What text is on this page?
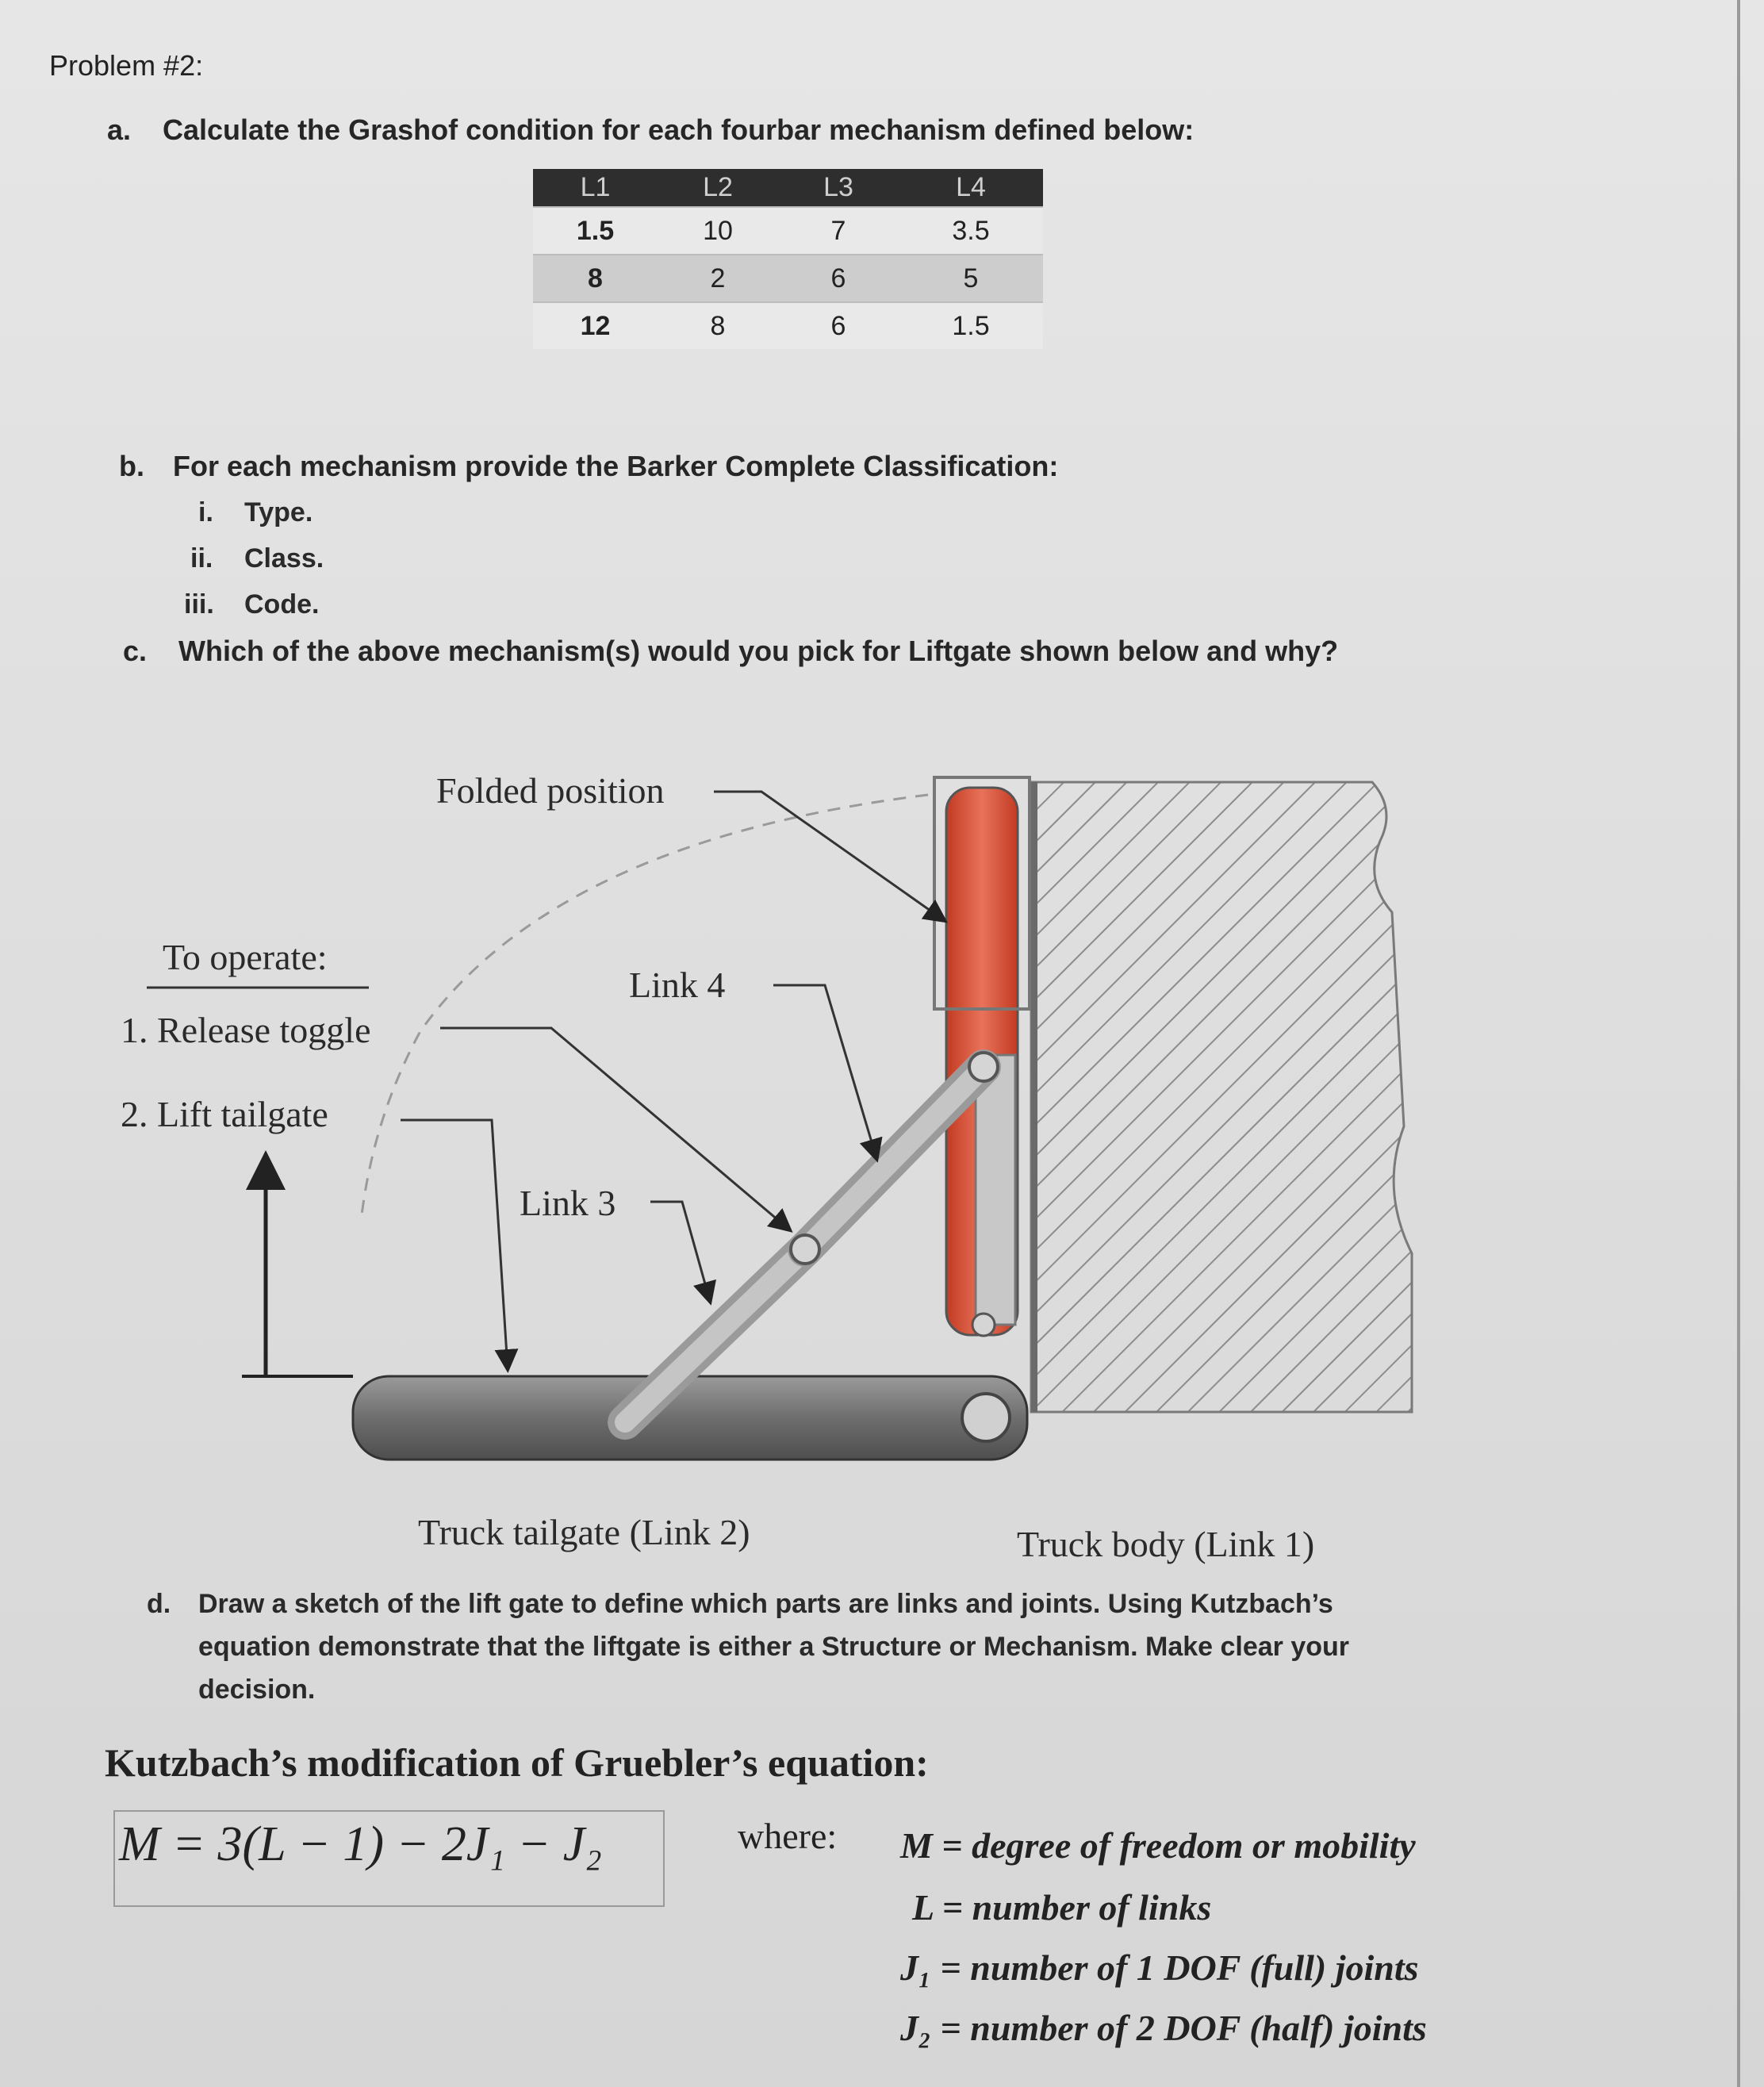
Problem #2:
a. Calculate the Grashof condition for each fourbar mechanism defined below:
L1	L2	L3	L4
1.5	10	7	3.5
8	2	6	5
12	8	6	1.5
b. For each mechanism provide the Barker Complete Classification:
i. Type.
ii. Class.
iii. Code.
c. Which of the above mechanism(s) would you pick for Liftgate shown below and why?
Folded position
To operate:
1. Release toggle
2. Lift tailgate
Link 4
Link 3
Truck tailgate (Link 2)	Truck body (Link 1)
d. Draw a sketch of the lift gate to define which parts are links and joints. Using Kutzbach’s
equation demonstrate that the liftgate is either a Structure or Mechanism. Make clear your
decision.
Kutzbach’s modification of Gruebler’s equation:
M = 3(L − 1) − 2J₁ − J₂	where: M = degree of freedom or mobility
L = number of links
J₁ = number of 1 DOF (full) joints
J₂ = number of 2 DOF (half) joints
